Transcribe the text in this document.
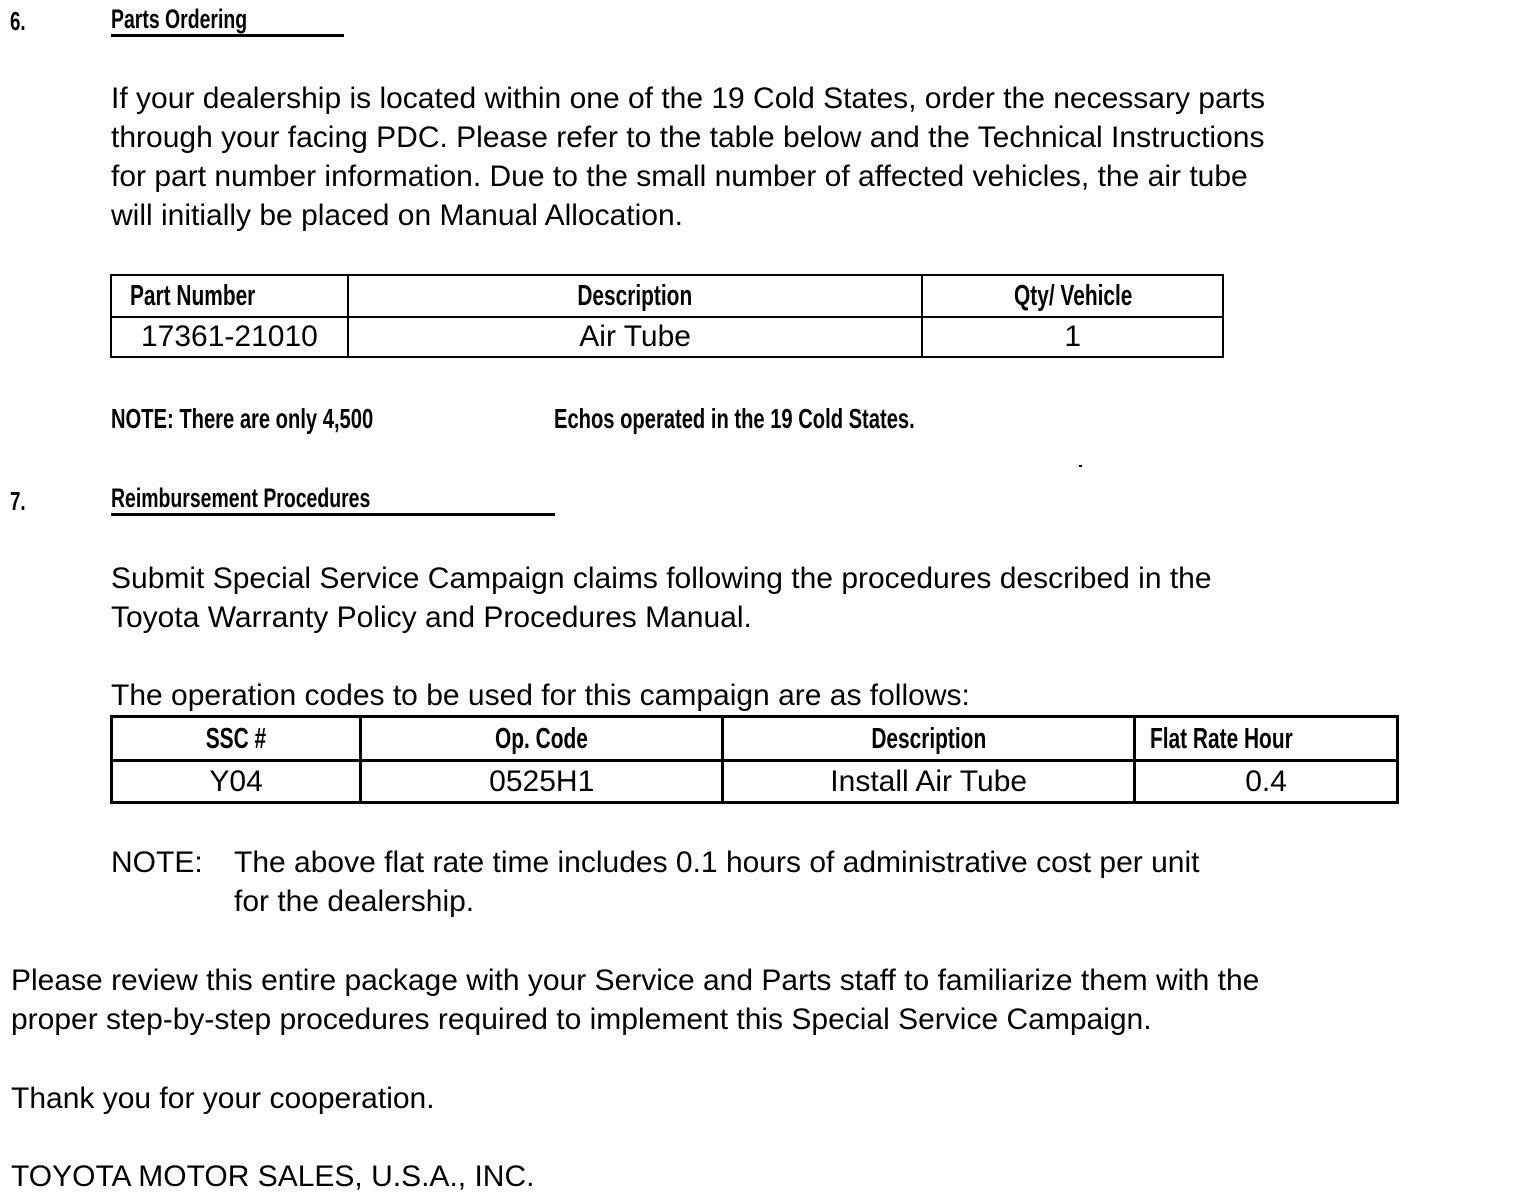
6.	Parts Ordering
If your dealership is located within one of the 19 Cold States, order the necessary parts
through your facing PDC. Please refer to the table below and the Technical Instructions
for part number information. Due to the small number of affected vehicles, the air tube
will initially be placed on Manual Allocation.
Part Number	Description	Qty/ Vehicle
17361-21010	Air Tube	1
NOTE: There are only 4,500	Echos operated in the 19 Cold States.
7.	Reimbursement Procedures
Submit Special Service Campaign claims following the procedures described in the
Toyota Warranty Policy and Procedures Manual.
The operation codes to be used for this campaign are as follows:
SSC #	Op. Code	Description	Flat Rate Hour
Y04	0525H1	Install Air Tube	0.4
NOTE: The above flat rate time includes 0.1 hours of administrative cost per unit
for the dealership.
Please review this entire package with your Service and Parts staff to familiarize them with the
proper step-by-step procedures required to implement this Special Service Campaign.
Thank you for your cooperation.
TOYOTA MOTOR SALES, U.S.A., INC.
